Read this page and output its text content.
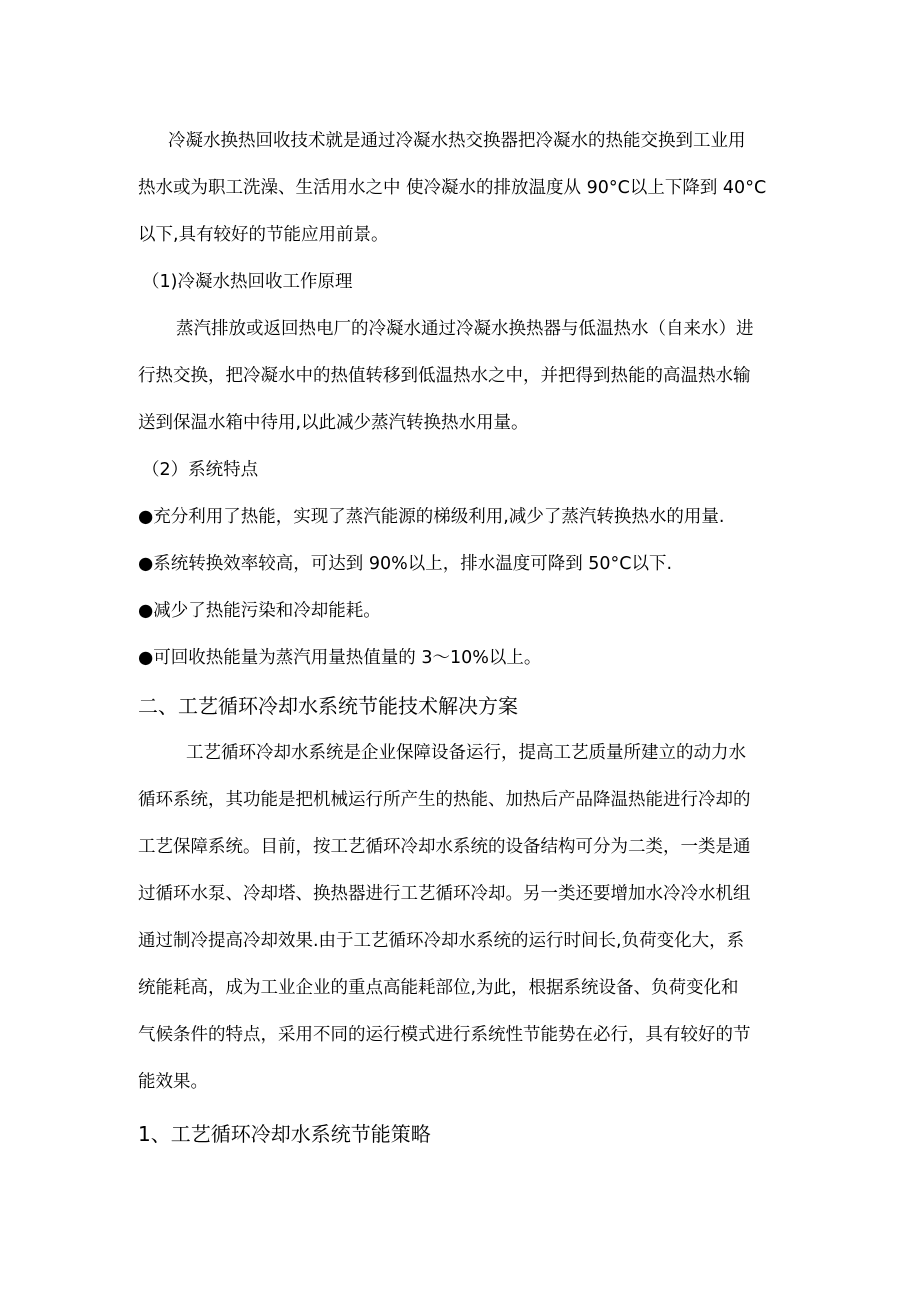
冷凝水换热回收技术就是通过冷凝水热交换器把冷凝水的热能交换到工业用
热水或为职工洗澡、生活用水之中 使冷凝水的排放温度从 90°C以上下降到 40°C
以下,具有较好的节能应用前景。
（1)冷凝水热回收工作原理
蒸汽排放或返回热电厂的冷凝水通过冷凝水换热器与低温热水（自来水）进
行热交换，把冷凝水中的热值转移到低温热水之中，并把得到热能的高温热水输
送到保温水箱中待用,以此减少蒸汽转换热水用量。
（2）系统特点
●充分利用了热能，实现了蒸汽能源的梯级利用,减少了蒸汽转换热水的用量.
●系统转换效率较高，可达到 90%以上，排水温度可降到 50°C以下.
●减少了热能污染和冷却能耗。
●可回收热能量为蒸汽用量热值量的 3～10%以上。
二、工艺循环冷却水系统节能技术解决方案
工艺循环冷却水系统是企业保障设备运行，提高工艺质量所建立的动力水
循环系统，其功能是把机械运行所产生的热能、加热后产品降温热能进行冷却的
工艺保障系统。目前，按工艺循环冷却水系统的设备结构可分为二类，一类是通
过循环水泵、冷却塔、换热器进行工艺循环冷却。另一类还要增加水冷冷水机组
通过制冷提高冷却效果.由于工艺循环冷却水系统的运行时间长,负荷变化大，系
统能耗高，成为工业企业的重点高能耗部位,为此，根据系统设备、负荷变化和
气候条件的特点，采用不同的运行模式进行系统性节能势在必行，具有较好的节
能效果。
1、工艺循环冷却水系统节能策略
